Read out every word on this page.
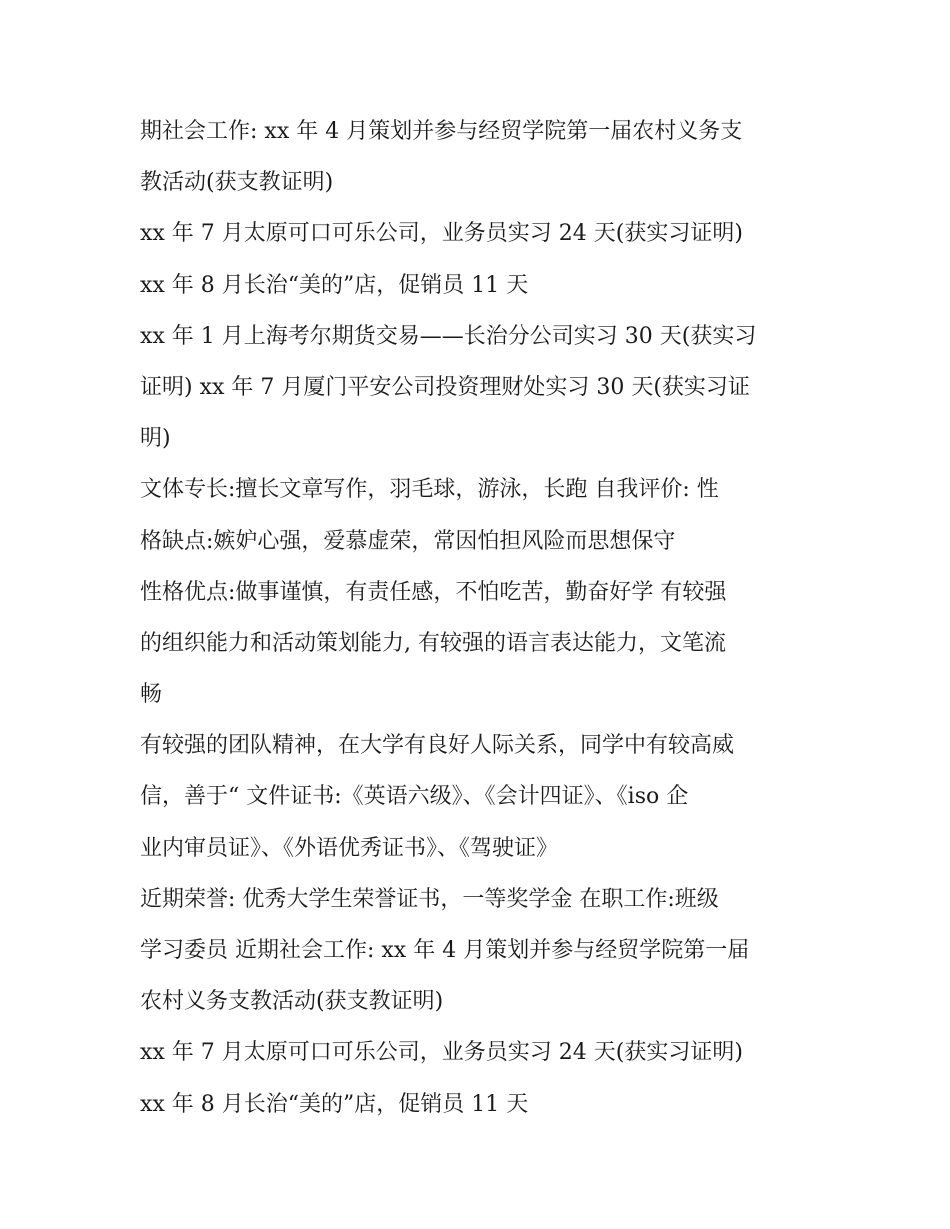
期社会工作: xx 年 4 月策划并参与经贸学院第一届农村义务支
教活动(获支教证明)
xx 年 7 月太原可口可乐公司，业务员实习 24 天(获实习证明)
xx 年 8 月长治“美的”店，促销员 11 天
xx 年 1 月上海考尔期货交易——长治分公司实习 30 天(获实习
证明) xx 年 7 月厦门平安公司投资理财处实习 30 天(获实习证
明)
文体专长:擅长文章写作，羽毛球，游泳，长跑 自我评价: 性
格缺点:嫉妒心强，爱慕虚荣，常因怕担风险而思想保守
性格优点:做事谨慎，有责任感，不怕吃苦，勤奋好学 有较强
的组织能力和活动策划能力, 有较强的语言表达能力，文笔流
畅
有较强的团队精神，在大学有良好人际关系，同学中有较高威
信，善于“ 文件证书:《英语六级》、《会计四证》、《iso 企
业内审员证》、《外语优秀证书》、《驾驶证》
近期荣誉: 优秀大学生荣誉证书，一等奖学金 在职工作:班级
学习委员 近期社会工作: xx 年 4 月策划并参与经贸学院第一届
农村义务支教活动(获支教证明)
xx 年 7 月太原可口可乐公司，业务员实习 24 天(获实习证明)
xx 年 8 月长治“美的”店，促销员 11 天
